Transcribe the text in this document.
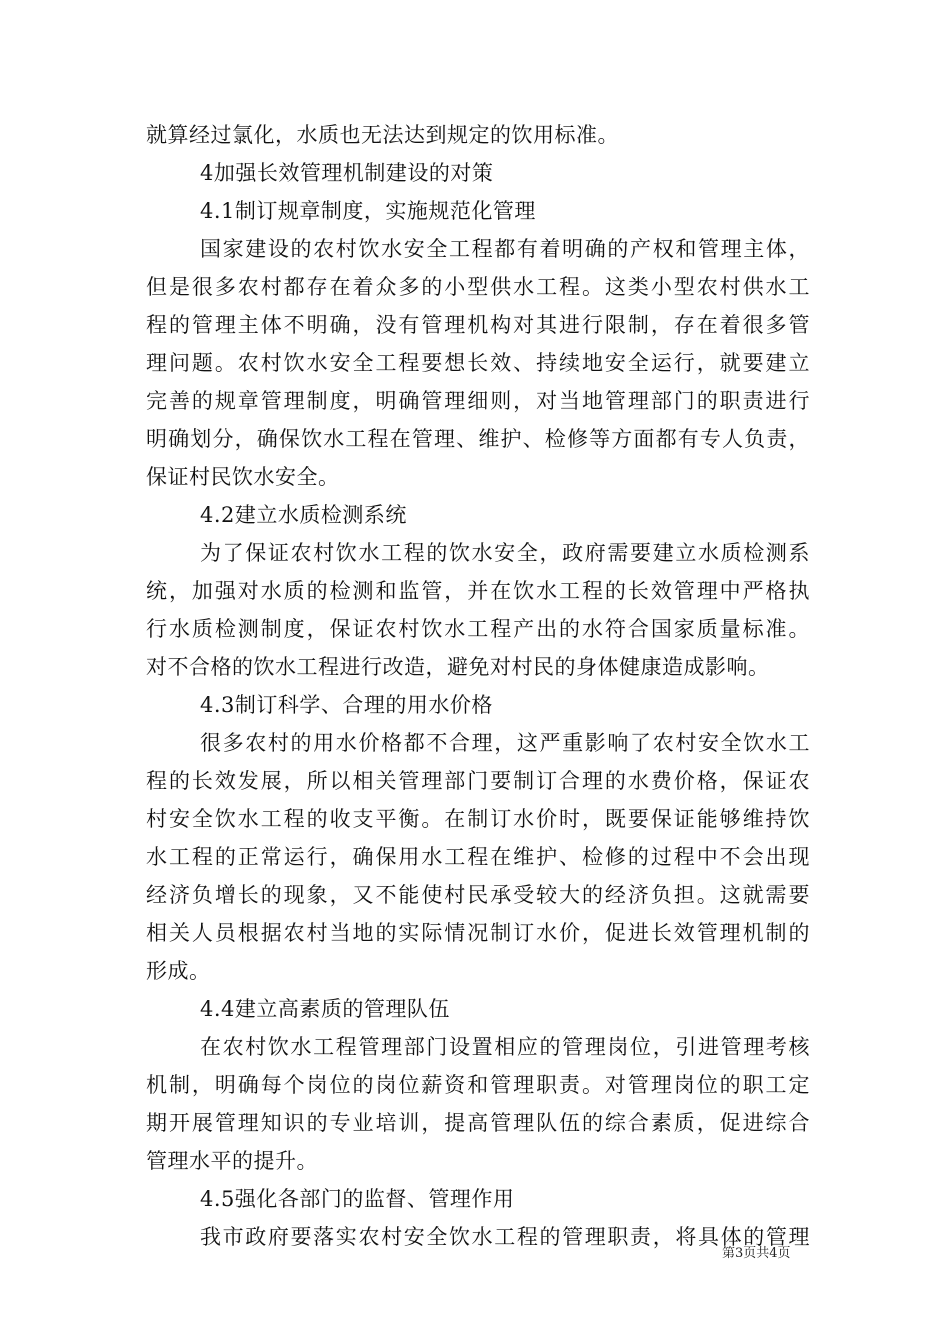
就算经过氯化，水质也无法达到规定的饮用标准。
4加强长效管理机制建设的对策
4.1制订规章制度，实施规范化管理
国家建设的农村饮水安全工程都有着明确的产权和管理主体，
但是很多农村都存在着众多的小型供水工程。这类小型农村供水工
程的管理主体不明确，没有管理机构对其进行限制，存在着很多管
理问题。农村饮水安全工程要想长效、持续地安全运行，就要建立
完善的规章管理制度，明确管理细则，对当地管理部门的职责进行
明确划分，确保饮水工程在管理、维护、检修等方面都有专人负责，
保证村民饮水安全。
4.2建立水质检测系统
为了保证农村饮水工程的饮水安全，政府需要建立水质检测系
统，加强对水质的检测和监管，并在饮水工程的长效管理中严格执
行水质检测制度，保证农村饮水工程产出的水符合国家质量标准。
对不合格的饮水工程进行改造，避免对村民的身体健康造成影响。
4.3制订科学、合理的用水价格
很多农村的用水价格都不合理，这严重影响了农村安全饮水工
程的长效发展，所以相关管理部门要制订合理的水费价格，保证农
村安全饮水工程的收支平衡。在制订水价时，既要保证能够维持饮
水工程的正常运行，确保用水工程在维护、检修的过程中不会出现
经济负增长的现象，又不能使村民承受较大的经济负担。这就需要
相关人员根据农村当地的实际情况制订水价，促进长效管理机制的
形成。
4.4建立高素质的管理队伍
在农村饮水工程管理部门设置相应的管理岗位，引进管理考核
机制，明确每个岗位的岗位薪资和管理职责。对管理岗位的职工定
期开展管理知识的专业培训，提高管理队伍的综合素质，促进综合
管理水平的提升。
4.5强化各部门的监督、管理作用
我市政府要落实农村安全饮水工程的管理职责，将具体的管理
第3页共4页
